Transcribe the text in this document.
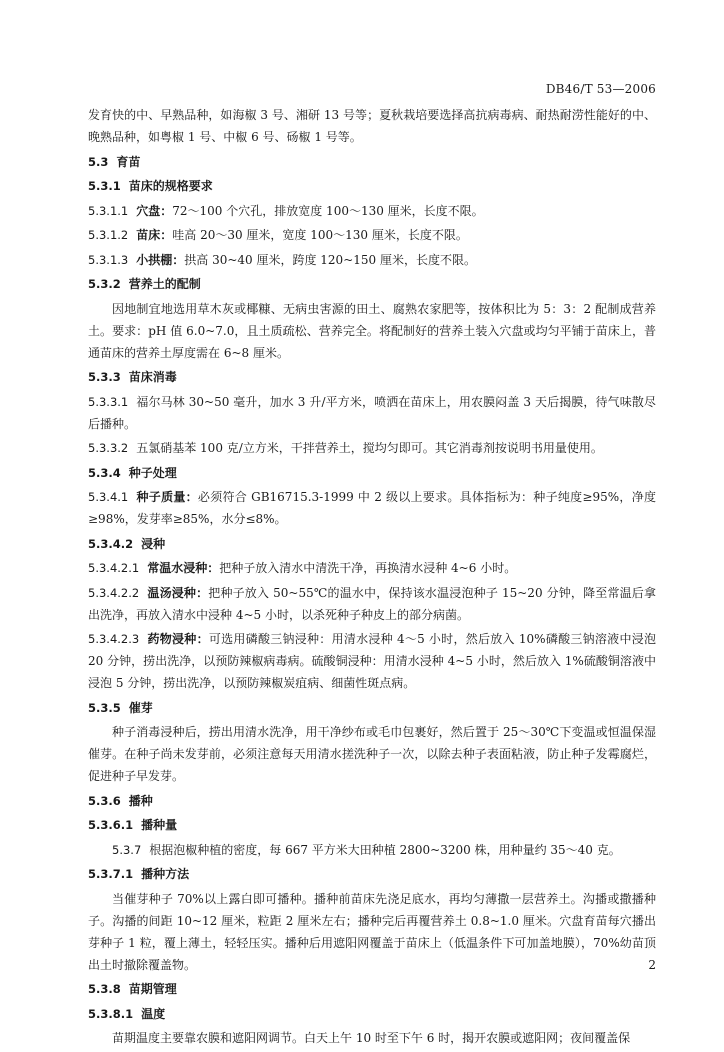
DB46/T 53—2006

发育快的中、早熟品种，如海椒 3 号、湘研 13 号等；夏秋栽培要选择高抗病毒病、耐热耐涝性能好的中、晚熟品种，如粤椒 1 号、中椒 6 号、砀椒 1 号等。

5.3 育苗

5.3.1 苗床的规格要求

5.3.1.1 穴盘：72～100 个穴孔，排放宽度 100～130 厘米，长度不限。

5.3.1.2 苗床：哇高 20～30 厘米，宽度 100～130 厘米，长度不限。

5.3.1.3 小拱棚：拱高 30~40 厘米，跨度 120~150 厘米，长度不限。

5.3.2 营养土的配制

因地制宜地选用草木灰或椰糠、无病虫害源的田土、腐熟农家肥等，按体积比为 5：3：2 配制成营养土。要求：pH 值 6.0~7.0，且土质疏松、营养完全。将配制好的营养土装入穴盘或均匀平铺于苗床上，普通苗床的营养土厚度需在 6~8 厘米。

5.3.3 苗床消毒

5.3.3.1 福尔马林 30~50 毫升，加水 3 升/平方米，喷洒在苗床上，用农膜闷盖 3 天后揭膜，待气味散尽后播种。

5.3.3.2 五氯硝基苯 100 克/立方米，干拌营养土，搅均匀即可。其它消毒剂按说明书用量使用。

5.3.4 种子处理

5.3.4.1 种子质量：必须符合 GB16715.3-1999 中 2 级以上要求。具体指标为：种子纯度≥95%，净度≥98%，发芽率≥85%，水分≤8%。

5.3.4.2 浸种

5.3.4.2.1 常温水浸种：把种子放入清水中清洗干净，再换清水浸种 4~6 小时。

5.3.4.2.2 温汤浸种：把种子放入 50~55℃的温水中，保持该水温浸泡种子 15~20 分钟，降至常温后拿出洗净，再放入清水中浸种 4~5 小时，以杀死种子种皮上的部分病菌。

5.3.4.2.3 药物浸种：可选用磷酸三钠浸种：用清水浸种 4～5 小时，然后放入 10%磷酸三钠溶液中浸泡 20 分钟，捞出洗净，以预防辣椒病毒病。硫酸铜浸种：用清水浸种 4~5 小时，然后放入 1%硫酸铜溶液中浸泡 5 分钟，捞出洗净，以预防辣椒炭疽病、细菌性斑点病。

5.3.5 催芽

种子消毒浸种后，捞出用清水洗净，用干净纱布或毛巾包裹好，然后置于 25～30℃下变温或恒温保湿催芽。在种子尚未发芽前，必须注意每天用清水搓洗种子一次，以除去种子表面粘液，防止种子发霉腐烂，促进种子早发芽。

5.3.6 播种

5.3.6.1 播种量

5.3.7 根据泡椒种植的密度，每 667 平方米大田种植 2800~3200 株，用种量约 35～40 克。

5.3.7.1 播种方法

当催芽种子 70%以上露白即可播种。播种前苗床先浇足底水，再均匀薄撒一层营养土。沟播或撒播种子。沟播的间距 10~12 厘米，粒距 2 厘米左右；播种完后再覆营养土 0.8~1.0 厘米。穴盘育苗每穴播出芽种子 1 粒，覆上薄土，轻轻压实。播种后用遮阳网覆盖于苗床上（低温条件下可加盖地膜），70%幼苗顶出土时撤除覆盖物。

5.3.8 苗期管理

5.3.8.1 温度

苗期温度主要靠农膜和遮阳网调节。白天上午 10 时至下午 6 时，揭开农膜或遮阳网；夜间覆盖保

2
